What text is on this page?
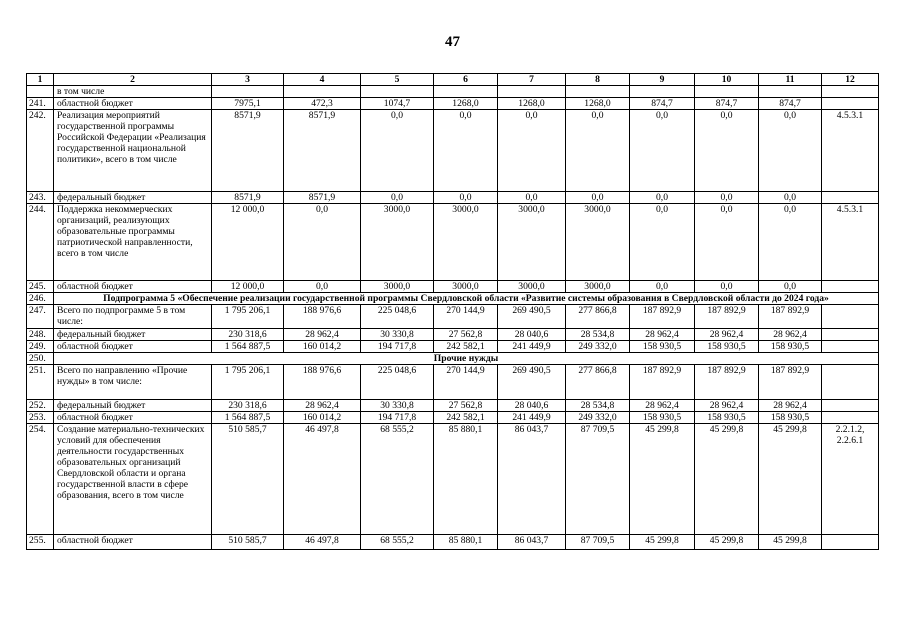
47
1	2	3	4	5	6	7	8	9	10	11	12
	в том числе										
241.	областной бюджет	7975,1	472,3	1074,7	1268,0	1268,0	1268,0	874,7	874,7	874,7	
242.	Реализация мероприятий государственной программы Российской Федерации «Реализация государственной национальной политики», всего в том числе	8571,9	8571,9	0,0	0,0	0,0	0,0	0,0	0,0	0,0	4.5.3.1
243.	федеральный бюджет	8571,9	8571,9	0,0	0,0	0,0	0,0	0,0	0,0	0,0	
244.	Поддержка некоммерческих организаций, реализующих образовательные программы патриотической направленности, всего в том числе	12 000,0	0,0	3000,0	3000,0	3000,0	3000,0	0,0	0,0	0,0	4.5.3.1
245.	областной бюджет	12 000,0	0,0	3000,0	3000,0	3000,0	3000,0	0,0	0,0	0,0	
246.	Подпрограмма 5 «Обеспечение реализации государственной программы Свердловской области «Развитие системы образования в Свердловской области до 2024 года»										
247.	Всего по подпрограмме 5 в том числе:	1 795 206,1	188 976,6	225 048,6	270 144,9	269 490,5	277 866,8	187 892,9	187 892,9	187 892,9	
248.	федеральный бюджет	230 318,6	28 962,4	30 330,8	27 562,8	28 040,6	28 534,8	28 962,4	28 962,4	28 962,4	
249.	областной бюджет	1 564 887,5	160 014,2	194 717,8	242 582,1	241 449,9	249 332,0	158 930,5	158 930,5	158 930,5	
250.	Прочие нужды										
251.	Всего по направлению «Прочие нужды» в том числе:	1 795 206,1	188 976,6	225 048,6	270 144,9	269 490,5	277 866,8	187 892,9	187 892,9	187 892,9	
252.	федеральный бюджет	230 318,6	28 962,4	30 330,8	27 562,8	28 040,6	28 534,8	28 962,4	28 962,4	28 962,4	
253.	областной бюджет	1 564 887,5	160 014,2	194 717,8	242 582,1	241 449,9	249 332,0	158 930,5	158 930,5	158 930,5	
254.	Создание материально-технических условий для обеспечения деятельности государственных образовательных организаций Свердловской области и органа государственной власти в сфере образования, всего в том числе	510 585,7	46 497,8	68 555,2	85 880,1	86 043,7	87 709,5	45 299,8	45 299,8	45 299,8	2.2.1.2, 2.2.6.1
255.	областной бюджет	510 585,7	46 497,8	68 555,2	85 880,1	86 043,7	87 709,5	45 299,8	45 299,8	45 299,8	
